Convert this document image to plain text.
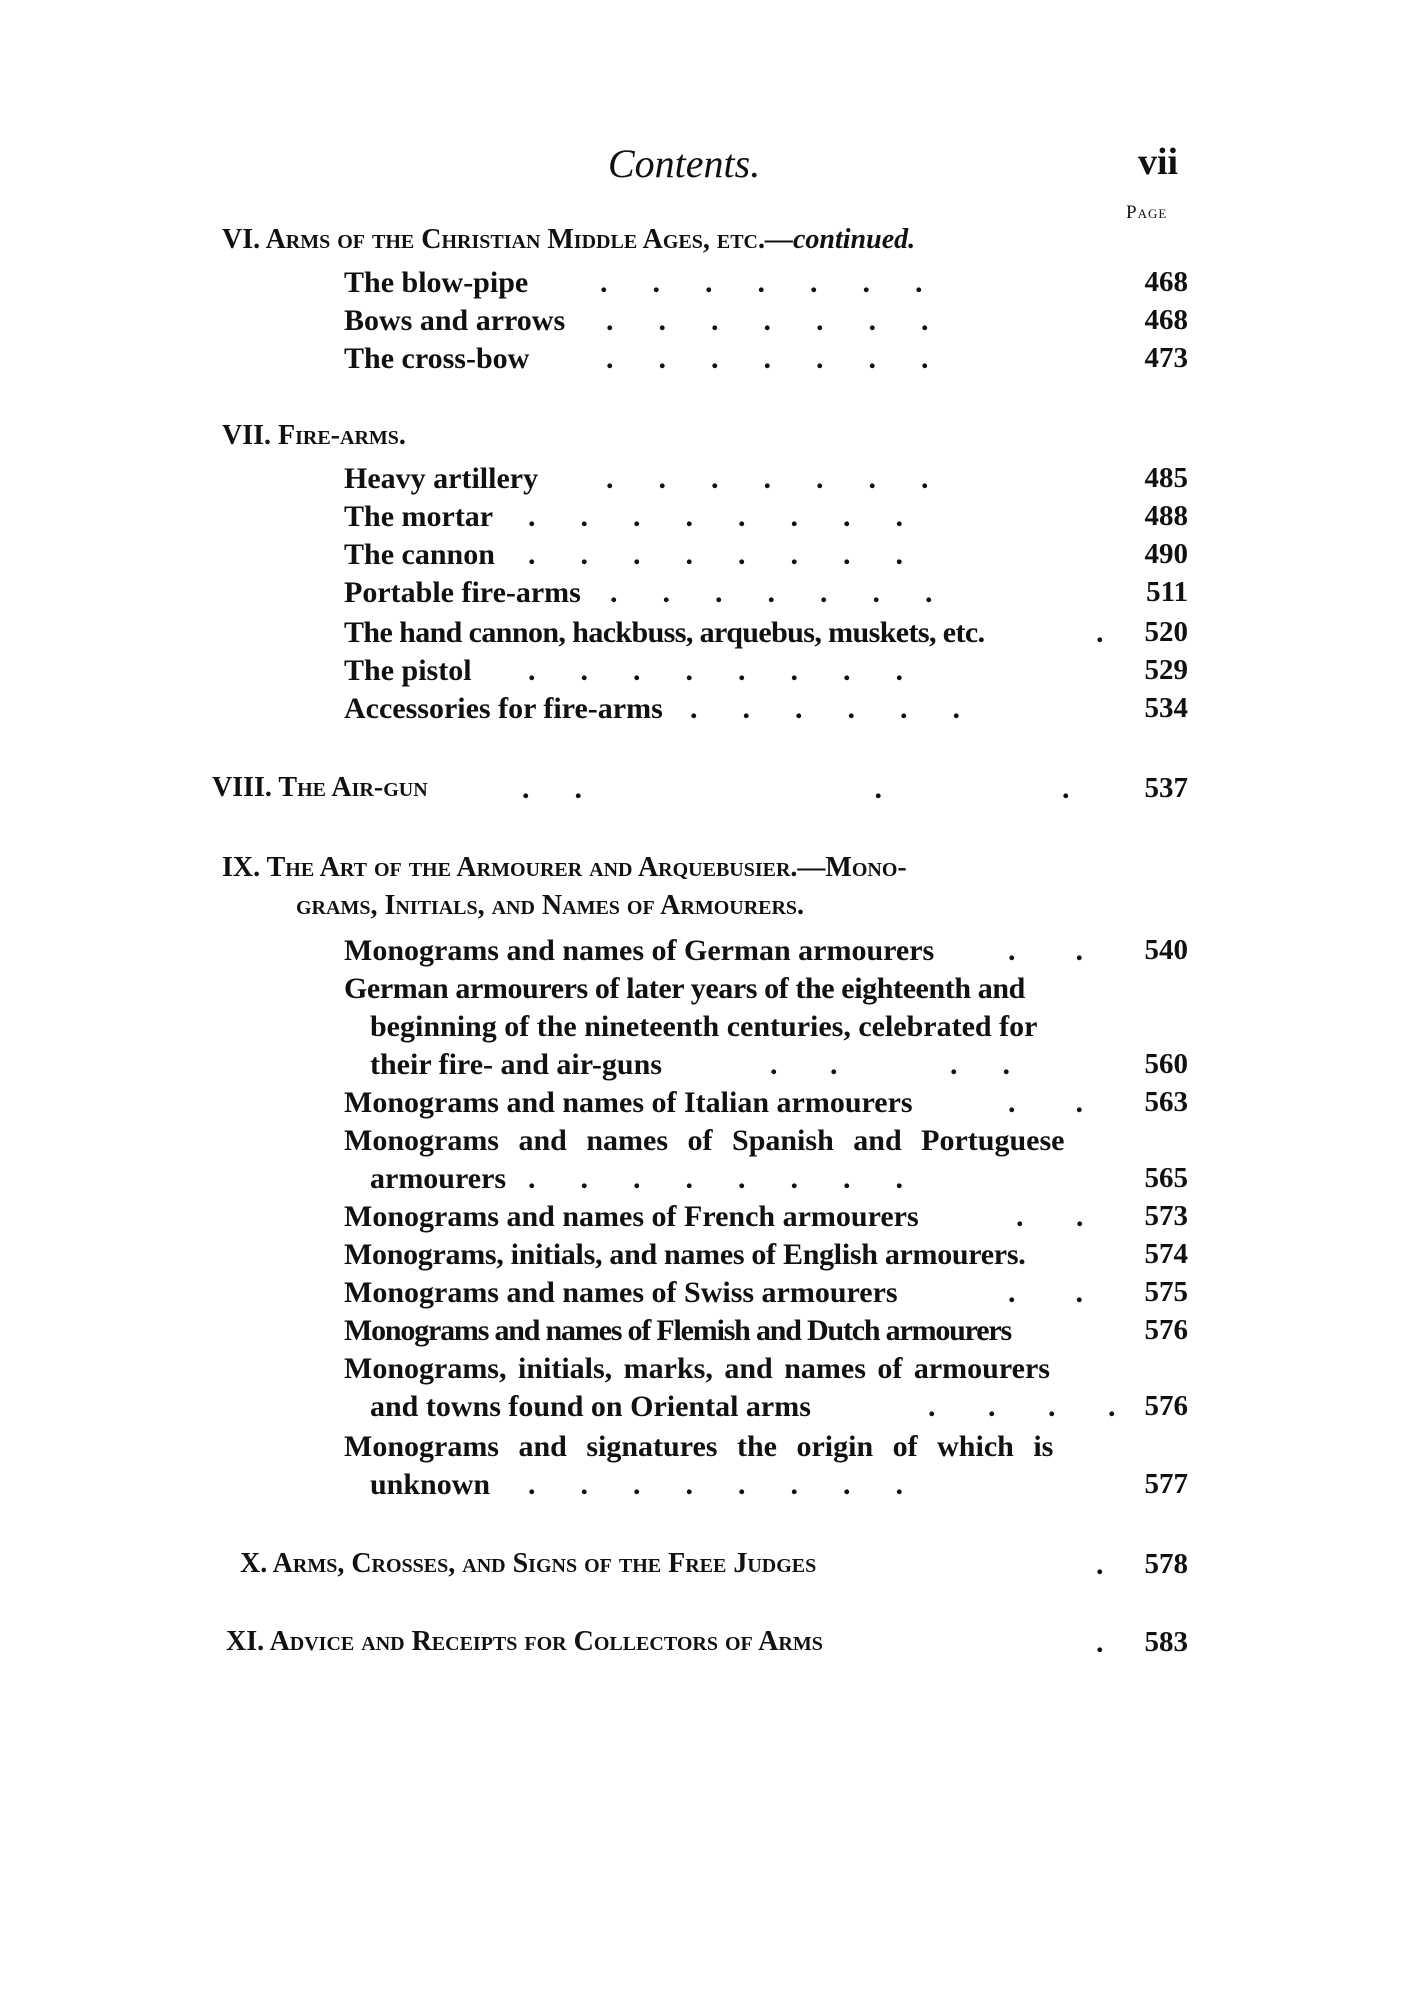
Contents.	vii
Page
VI. Arms of the Christian Middle Ages, etc.—continued.
The blow-pipe .      .      .      .      .      .      .	468
Bows and arrows .      .      .      .      .      .      .	468
The cross-bow	.      .      .      .      .      .      .	473
VII. Fire-arms.
Heavy artillery .      .      .      .      .      .      .	485
The mortar .      .      .      .      .      .      .      .	488
The cannon .      .      .      .      .      .      .      .	490
Portable fire-arms .      .      .      .      .      .      .	511
The hand cannon, hackbuss, arquebus, muskets, etc.	.	520
The pistol .      .      .      .      .      .      .      .	529
Accessories for fire-arms .      .      .      .      .      .	534
VIII. The Air-gun	.      .                                       .                        .	537
IX. The Art of the Armourer and Arquebusier.—Mono-
grams, Initials, and Names of Armourers.
Monograms and names of German armourers .        .	540
German armourers of later years of the eighteenth and
beginning of the nineteenth centuries, celebrated for
their fire- and air-guns	.       .               .      .	560
Monograms and names of Italian armourers	.        .	563
Monograms and names of Spanish and Portuguese
armourers .      .      .      .      .      .      .      .	565
Monograms and names of French armourers	.       .	573
Monograms, initials, and names of English armourers.	574
Monograms and names of Swiss armourers	.        .	575
Monograms and names of Flemish and Dutch armourers	576
Monograms, initials, marks, and names of armourers
and towns found on Oriental arms	.       .       .       .	576
Monograms and signatures the origin of which is
unknown .      .      .      .      .      .      .      .	577
X. Arms, Crosses, and Signs of the Free Judges	.	578
XI. Advice and Receipts for Collectors of Arms	.	583
